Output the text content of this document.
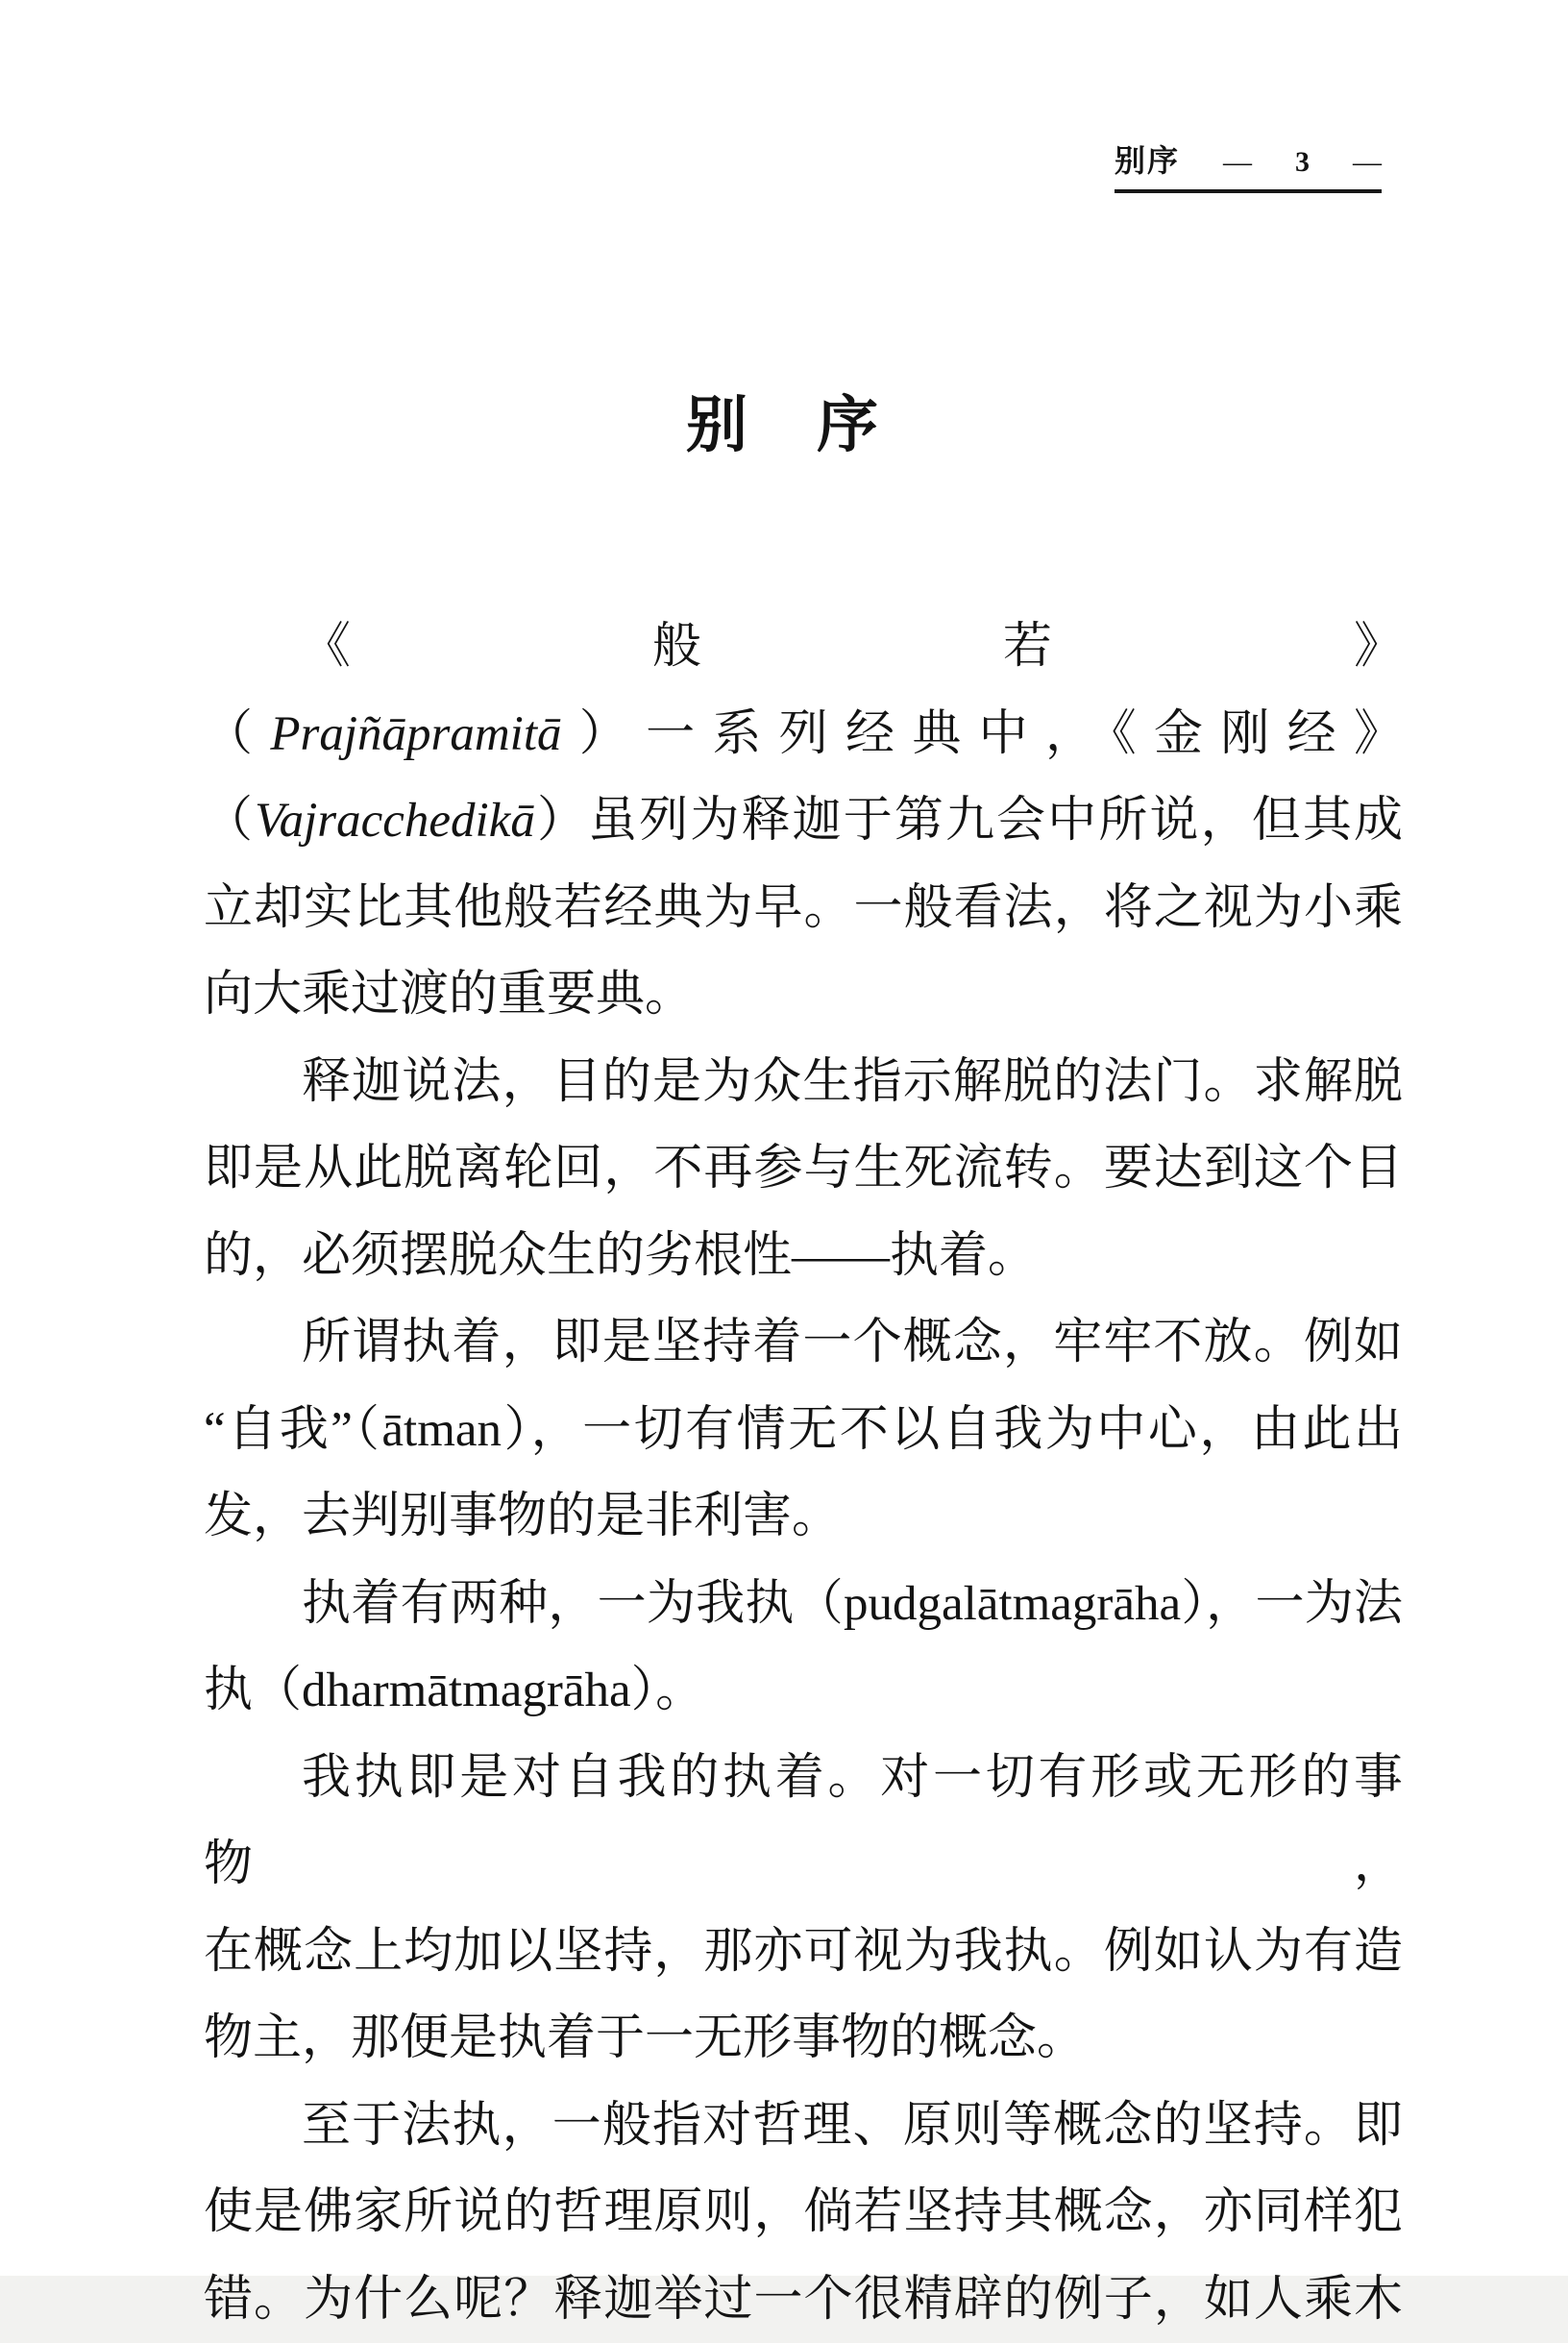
别序 — 3 —
别　序
《般若》（Prajñāpramitā）一系列经典中，《金刚经》
（Vajracchedikā）虽列为释迦于第九会中所说，但其成
立却实比其他般若经典为早。一般看法，将之视为小乘
向大乘过渡的重要典。
释迦说法，目的是为众生指示解脱的法门。求解脱
即是从此脱离轮回，不再参与生死流转。要达到这个目
的，必须摆脱众生的劣根性——执着。
所谓执着，即是坚持着一个概念，牢牢不放。例如
“自我”（ātman），一切有情无不以自我为中心，由此出
发，去判别事物的是非利害。
执着有两种，一为我执（pudgalātmagrāha），一为法
执（dharmātmagrāha）。
我执即是对自我的执着。对一切有形或无形的事物，
在概念上均加以坚持，那亦可视为我执。例如认为有造
物主，那便是执着于一无形事物的概念。
至于法执，一般指对哲理、原则等概念的坚持。即
使是佛家所说的哲理原则，倘若坚持其概念，亦同样犯
错。为什么呢？释迦举过一个很精辟的例子，如人乘木
